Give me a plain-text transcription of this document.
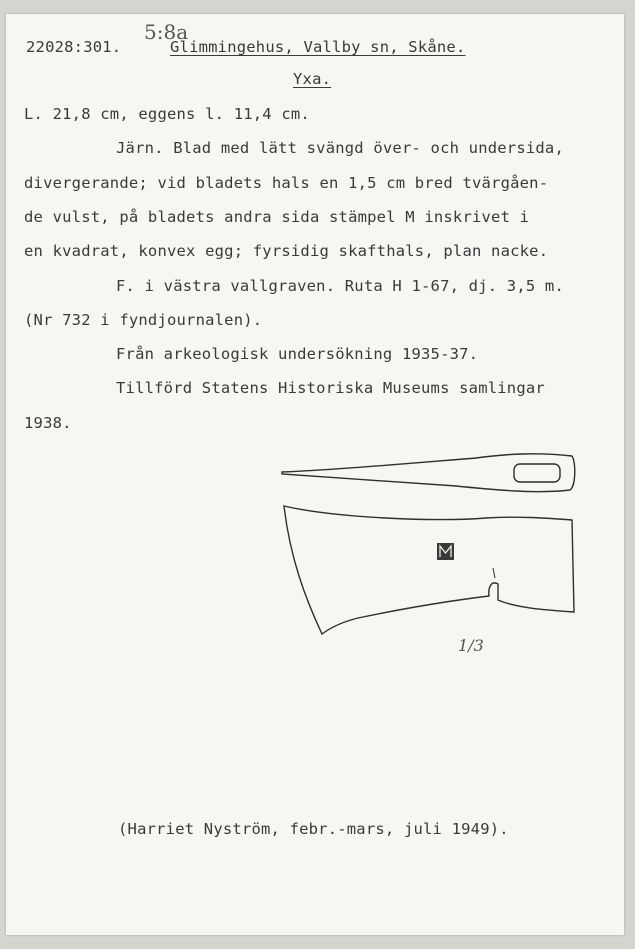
22028:301.
5:8a
Glimmingehus, Vallby sn, Skåne.
Yxa.
L. 21,8 cm, eggens l. 11,4 cm.
Järn. Blad med lätt svängd över- och undersida,
divergerande; vid bladets hals en 1,5 cm bred tvärgåen-
de vulst, på bladets andra sida stämpel M inskrivet i
en kvadrat, konvex egg; fyrsidig skafthals, plan nacke.
F. i västra vallgraven. Ruta H 1-67, dj. 3,5 m.
(Nr 732 i fyndjournalen).
Från arkeologisk undersökning 1935-37.
Tillförd Statens Historiska Museums samlingar
1938.
1/3
(Harriet Nyström, febr.-mars, juli 1949).
